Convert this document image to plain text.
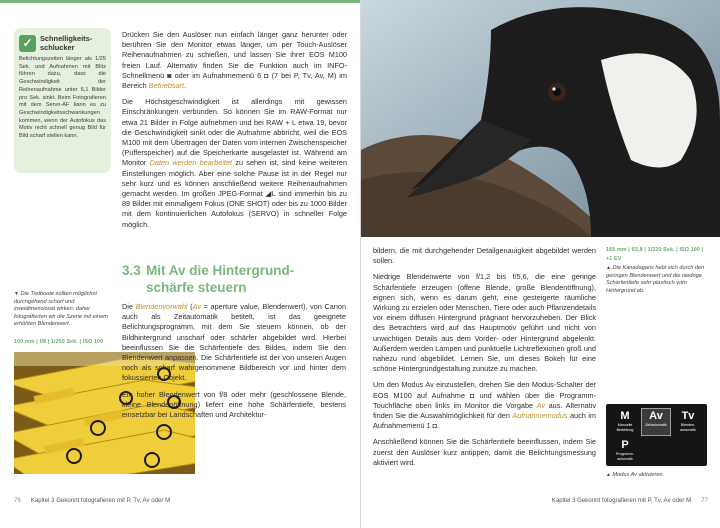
✓	Schnelligkeits-
schlucker
Belichtungszeiten länger als 1/25 Sek. und Aufnahmen mit Blitz führen dazu, dass die Geschwindigkeit der Reihenaufnahme unter 6,1 Bilder pro Sek. sinkt. Beim Fotografieren mit dem Servo-AF kann es zu Geschwindigkeitsschwankungen kommen, wenn der Autofokus das Motiv nicht schnell genug Bild für Bild scharf stellen kann.

Drücken Sie den Auslöser nun einfach länger ganz herunter oder berühren Sie den Monitor etwas länger, um per Touch-Auslöser Reihenaufnahmen zu schießen, und lassen Sie ihrer EOS M100 freien Lauf. Alternativ finden Sie die Funktion auch im INFO-Schnellmenü ◙ oder im Aufnahmemenü 6 ◘ (7 bei P, Tv, Av, M) im Bereich Betriebsart.

Die Höchstgeschwindigkeit ist allerdings mit gewissen Einschränkungen verbunden. So können Sie im RAW-Format nur etwa 21 Bilder in Folge aufnehmen und bei RAW + L etwa 19, bevor die Geschwindigkeit sinkt oder die Aufnahme abbricht, weil die EOS M100 mit dem Übertragen der Daten vom internen Zwischenspeicher (Pufferspeicher) auf die Speicherkarte ausgelastet ist. Während am Monitor Daten werden bearbeitet zu sehen ist, sind keine weiteren Einstellungen möglich. Aber eine solche Pause ist in der Regel nur sehr kurz und es können anschließend weitere Reihenaufnahmen gemacht werden. Im großen JPEG-Format ◢L sind immerhin bis zu 89 Bilder mit einmaligem Fokus (ONE SHOT) oder bis zu 1000 Bilder mit dem kontinuierlichen Autofokus (SERVO) in schneller Folge möglich.

3.3 Mit Av die Hintergrund-
schärfe steuern
▼ Die Tretboote sollten möglichst durchgehend scharf und zweidimensional wirken, daher fotografierten wir die Szene mit einem erhöhten Blendenwert.
100 mm | f/8 | 1/250 Sek. | ISO 100

Die Blendenvorwahl (Av = aperture value, Blendenwert), von Canon auch als Zeitautomatik betitelt, ist das geeignete Belichtungsprogramm, mit dem Sie steuern können, ob der Bildhintergrund unscharf oder schärfer abgebildet wird. Hierbei beeinflussen Sie die Schärfentiefe des Bildes, indem Sie den Blendenwert anpassen. Die Schärfentiefe ist der von unseren Augen noch als scharf wahrgenommene Bildbereich vor und hinter dem fokussierten Objekt.

Ein hoher Blendenwert von f/8 oder mehr (geschlossene Blende, kleine Blendenöffnung) liefert eine hohe Schärfentiefe, bestens einsetzbar bei Landschaften und Architektur-

76 Kapitel 3 Gekonnt fotografieren mit P, Tv, Av oder M

bildern, die mit durchgehender Detailgenauigkeit abgebildet werden sollen.

Niedrige Blendenwerte von f/1,2 bis f/5,6, die eine geringe Schärfentiefe erzeugen (offene Blende, große Blendenöffnung), eignen sich, wenn es darum geht, eine gesteigerte räumliche Wirkung zu erzielen oder Menschen, Tiere oder auch Pflanzendetails vor einem diffusen Hintergrund prägnant hervorzuheben. Der Blick des Betrachters wird auf das Hauptmotiv geführt und nicht von unwichtigen Details aus dem Vorder- oder Hintergrund abgelenkt. Außerdem werden Lampen und punktuelle Lichtreflexionen groß und nahezu rund abgebildet. Lernen Sie, um dieses Bokeh für eine schöne Hintergrundgestaltung zunutze zu machen.

Um den Modus Av einzustellen, drehen Sie den Modus-Schalter der EOS M100 auf Aufnahme ◘ und wählen über die Programm-Touchfläche oben links im Monitor die Vorgabe Av aus. Alternativ finden Sie die Auswahlmöglichkeit für den Aufnahmemodus auch im Aufnahmemenü 1 ◘.

Anschließend können Sie die Schärfentiefe beeinflussen, indem Sie zuerst den Auslöser kurz antippen, damit die Belichtungsmessung aktiviert wird.

165 mm | f/2,8 | 1/320 Sek. | ISO 100 | +1 EV
▲ Die Kanadagans hebt sich durch den geringen Blendenwert und die niedrige Schärfentiefe sehr plastisch vom Hintergrund ab.
M
Manuelle Belichtung
Av
Zeitautomatik
Tv
Blenden-automatik
P
Programm-automatik
▲ Modus Av aktivieren.
Kapitel 3 Gekonnt fotografieren mit P, Tv, Av oder M 77
